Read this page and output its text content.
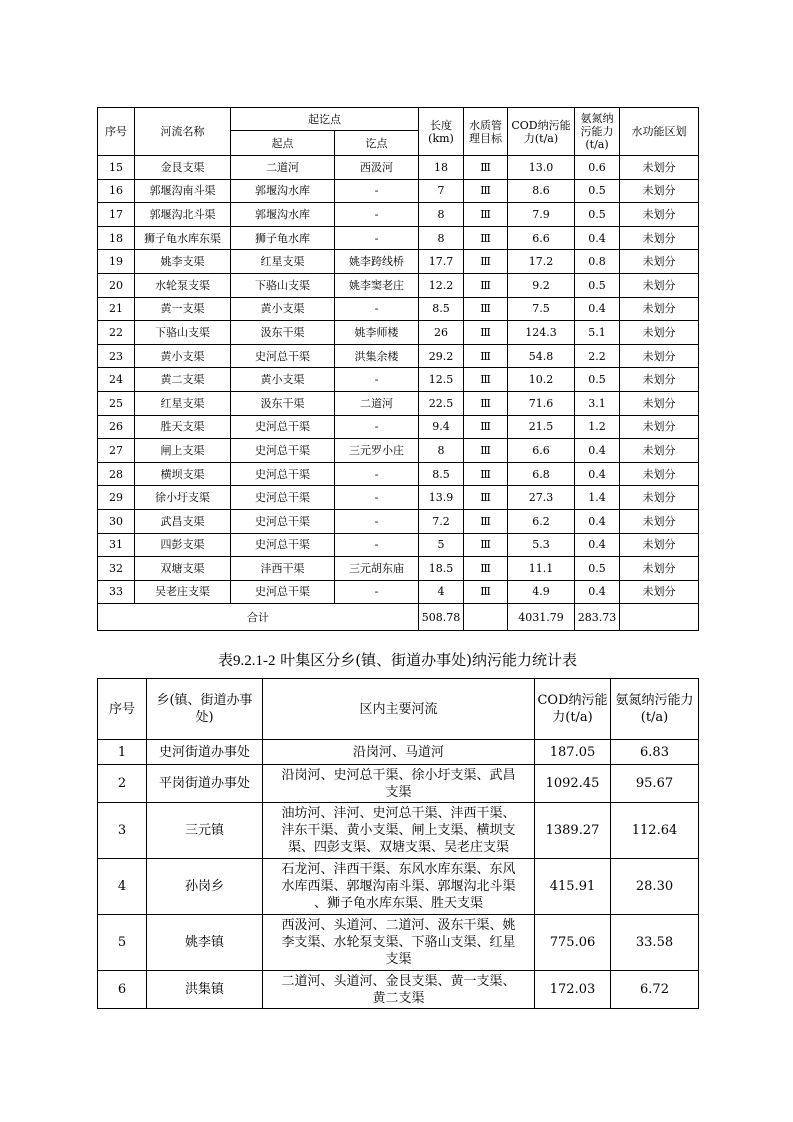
序号	河流名称	起讫点		长度(km)	水质管理目标	COD纳污能力(t/a)	氨氮纳污能力(t/a)	水功能区划
		起点	讫点					
15	金艮支渠	二道河	西汲河	18	Ⅲ	13.0	0.6	未划分
16	郭堰沟南斗渠	郭堰沟水库	-	7	Ⅲ	8.6	0.5	未划分
17	郭堰沟北斗渠	郭堰沟水库	-	8	Ⅲ	7.9	0.5	未划分
18	狮子龟水库东渠	狮子龟水库	-	8	Ⅲ	6.6	0.4	未划分
19	姚李支渠	红星支渠	姚李跨线桥	17.7	Ⅲ	17.2	0.8	未划分
20	水轮泵支渠	下骆山支渠	姚李窦老庄	12.2	Ⅲ	9.2	0.5	未划分
21	黄一支渠	黄小支渠	-	8.5	Ⅲ	7.5	0.4	未划分
22	下骆山支渠	汲东干渠	姚李师楼	26	Ⅲ	124.3	5.1	未划分
23	黄小支渠	史河总干渠	洪集余楼	29.2	Ⅲ	54.8	2.2	未划分
24	黄二支渠	黄小支渠	-	12.5	Ⅲ	10.2	0.5	未划分
25	红星支渠	汲东干渠	二道河	22.5	Ⅲ	71.6	3.1	未划分
26	胜天支渠	史河总干渠	-	9.4	Ⅲ	21.5	1.2	未划分
27	闸上支渠	史河总干渠	三元罗小庄	8	Ⅲ	6.6	0.4	未划分
28	横坝支渠	史河总干渠	-	8.5	Ⅲ	6.8	0.4	未划分
29	徐小圩支渠	史河总干渠	-	13.9	Ⅲ	27.3	1.4	未划分
30	武昌支渠	史河总干渠	-	7.2	Ⅲ	6.2	0.4	未划分
31	四彭支渠	史河总干渠	-	5	Ⅲ	5.3	0.4	未划分
32	双塘支渠	沣西干渠	三元胡东庙	18.5	Ⅲ	11.1	0.5	未划分
33	吴老庄支渠	史河总干渠	-	4	Ⅲ	4.9	0.4	未划分
合计				508.78		4031.79	283.73	
表9.2.1-2 叶集区分乡(镇、街道办事处)纳污能力统计表
序号	乡(镇、街道办事处)	区内主要河流	COD纳污能力(t/a)	氨氮纳污能力(t/a)
1	史河街道办事处	沿岗河、马道河	187.05	6.83
2	平岗街道办事处	沿岗河、史河总干渠、徐小圩支渠、武昌
支渠	1092.45	95.67
3	三元镇	油坊河、沣河、史河总干渠、沣西干渠、
沣东干渠、黄小支渠、闸上支渠、横坝支
渠、四彭支渠、双塘支渠、吴老庄支渠	1389.27	112.64
4	孙岗乡	石龙河、沣西干渠、东风水库东渠、东风
水库西渠、郭堰沟南斗渠、郭堰沟北斗渠
、狮子龟水库东渠、胜天支渠	415.91	28.30
5	姚李镇	西汲河、头道河、二道河、汲东干渠、姚
李支渠、水轮泵支渠、下骆山支渠、红星
支渠	775.06	33.58
6	洪集镇	二道河、头道河、金艮支渠、黄一支渠、
黄二支渠	172.03	6.72
